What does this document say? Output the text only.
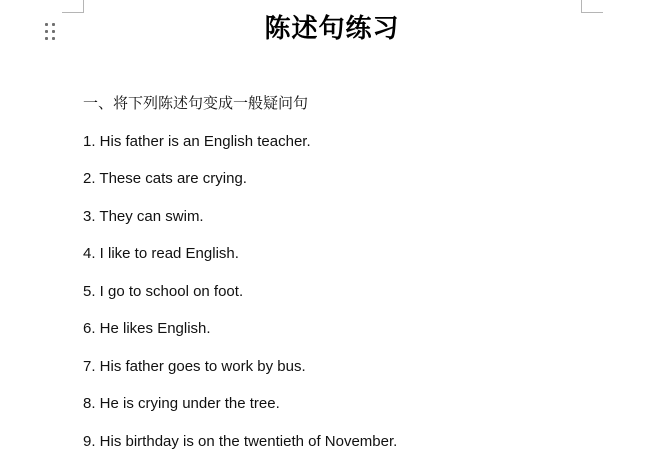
陈述句练习

一、将下列陈述句变成一般疑问句

1. His father is an English teacher.

2. These cats are crying.

3. They can swim.

4. I like to read English.

5. I go to school on foot.

6. He likes English.

7. His father goes to work by bus.

8. He is crying under the tree.

9. His birthday is on the twentieth of November.
